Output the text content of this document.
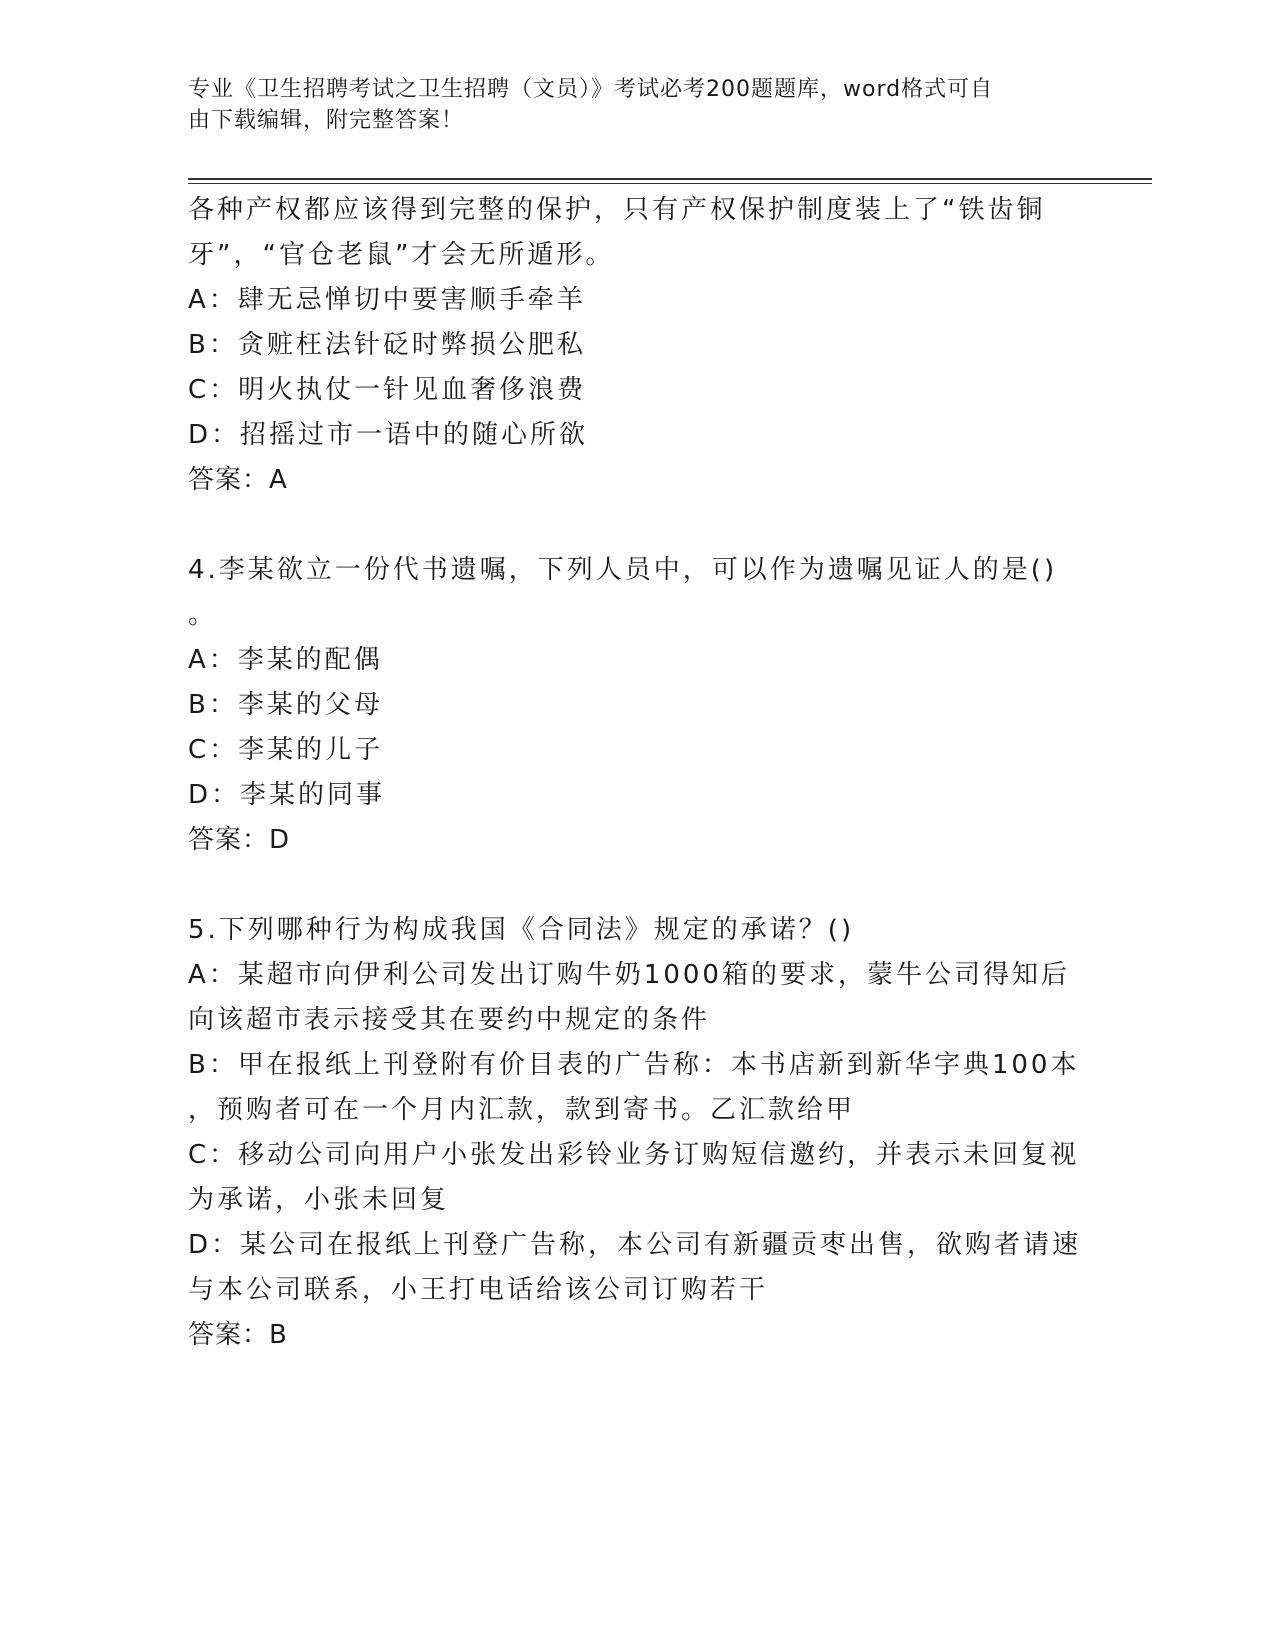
专业《卫生招聘考试之卫生招聘（文员）》考试必考200题题库，word格式可自
由下载编辑，附完整答案！
各种产权都应该得到完整的保护，只有产权保护制度装上了“铁齿铜
牙”，“官仓老鼠”才会无所遁形。
A：肆无忌惮切中要害顺手牵羊
B：贪赃枉法针砭时弊损公肥私
C：明火执仗一针见血奢侈浪费
D：招摇过市一语中的随心所欲
答案：A
4.李某欲立一份代书遗嘱，下列人员中，可以作为遗嘱见证人的是()
。
A：李某的配偶
B：李某的父母
C：李某的儿子
D：李某的同事
答案：D
5.下列哪种行为构成我国《合同法》规定的承诺？()
A：某超市向伊利公司发出订购牛奶1000箱的要求，蒙牛公司得知后
向该超市表示接受其在要约中规定的条件
B：甲在报纸上刊登附有价目表的广告称：本书店新到新华字典100本
，预购者可在一个月内汇款，款到寄书。乙汇款给甲
C：移动公司向用户小张发出彩铃业务订购短信邀约，并表示未回复视
为承诺，小张未回复
D：某公司在报纸上刊登广告称，本公司有新疆贡枣出售，欲购者请速
与本公司联系，小王打电话给该公司订购若干
答案：B
